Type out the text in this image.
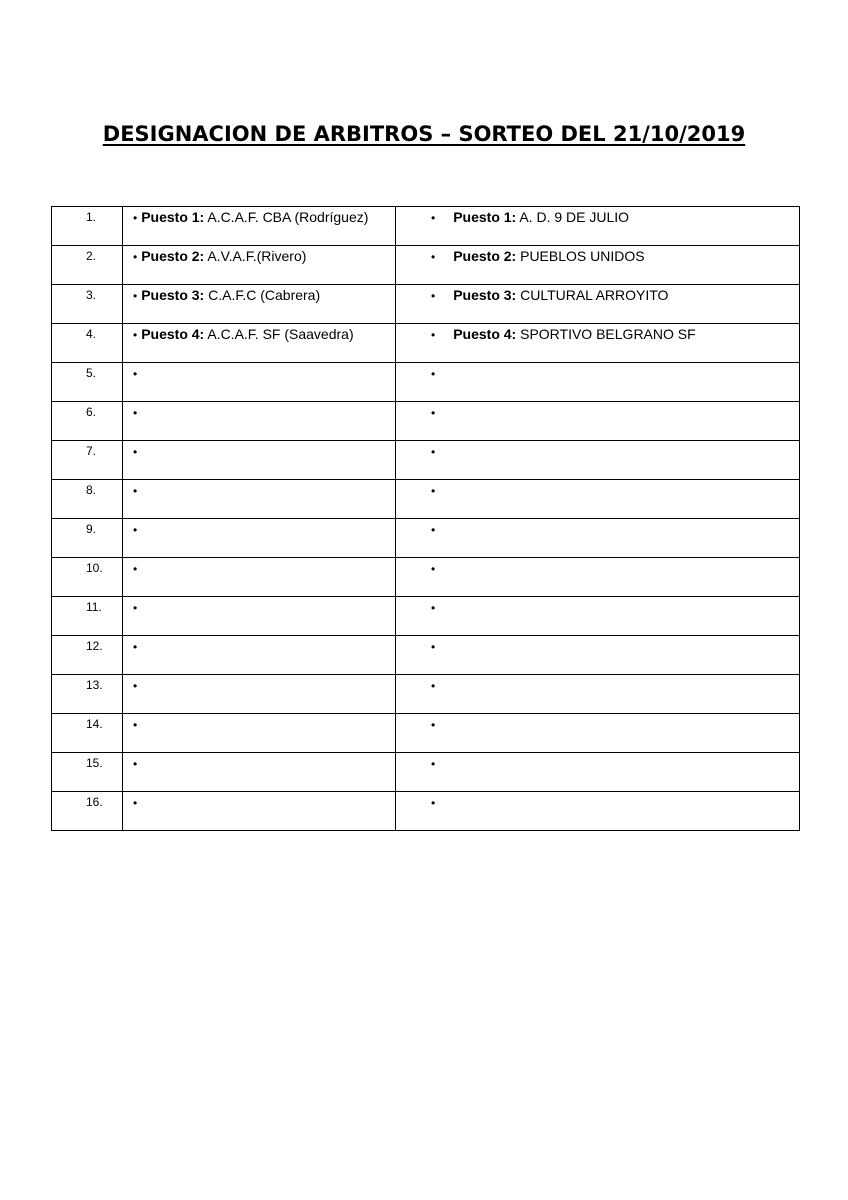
DESIGNACION DE ARBITROS – SORTEO DEL 21/10/2019
1.	• Puesto 1: A.C.A.F. CBA (Rodríguez)	• Puesto 1: A. D. 9 DE JULIO

2.	• Puesto 2: A.V.A.F.(Rivero)	• Puesto 2: PUEBLOS UNIDOS

3.	• Puesto 3: C.A.F.C (Cabrera)	• Puesto 3: CULTURAL ARROYITO

4.	• Puesto 4: A.C.A.F. SF (Saavedra)	• Puesto 4: SPORTIVO BELGRANO SF

5.	•	•

6.	•	•

7.	•	•

8.	•	•

9.	•	•

10.	•	•

11.	•	•

12.	•	•

13.	•	•

14.	•	•

15.	•	•

16.	•	•
